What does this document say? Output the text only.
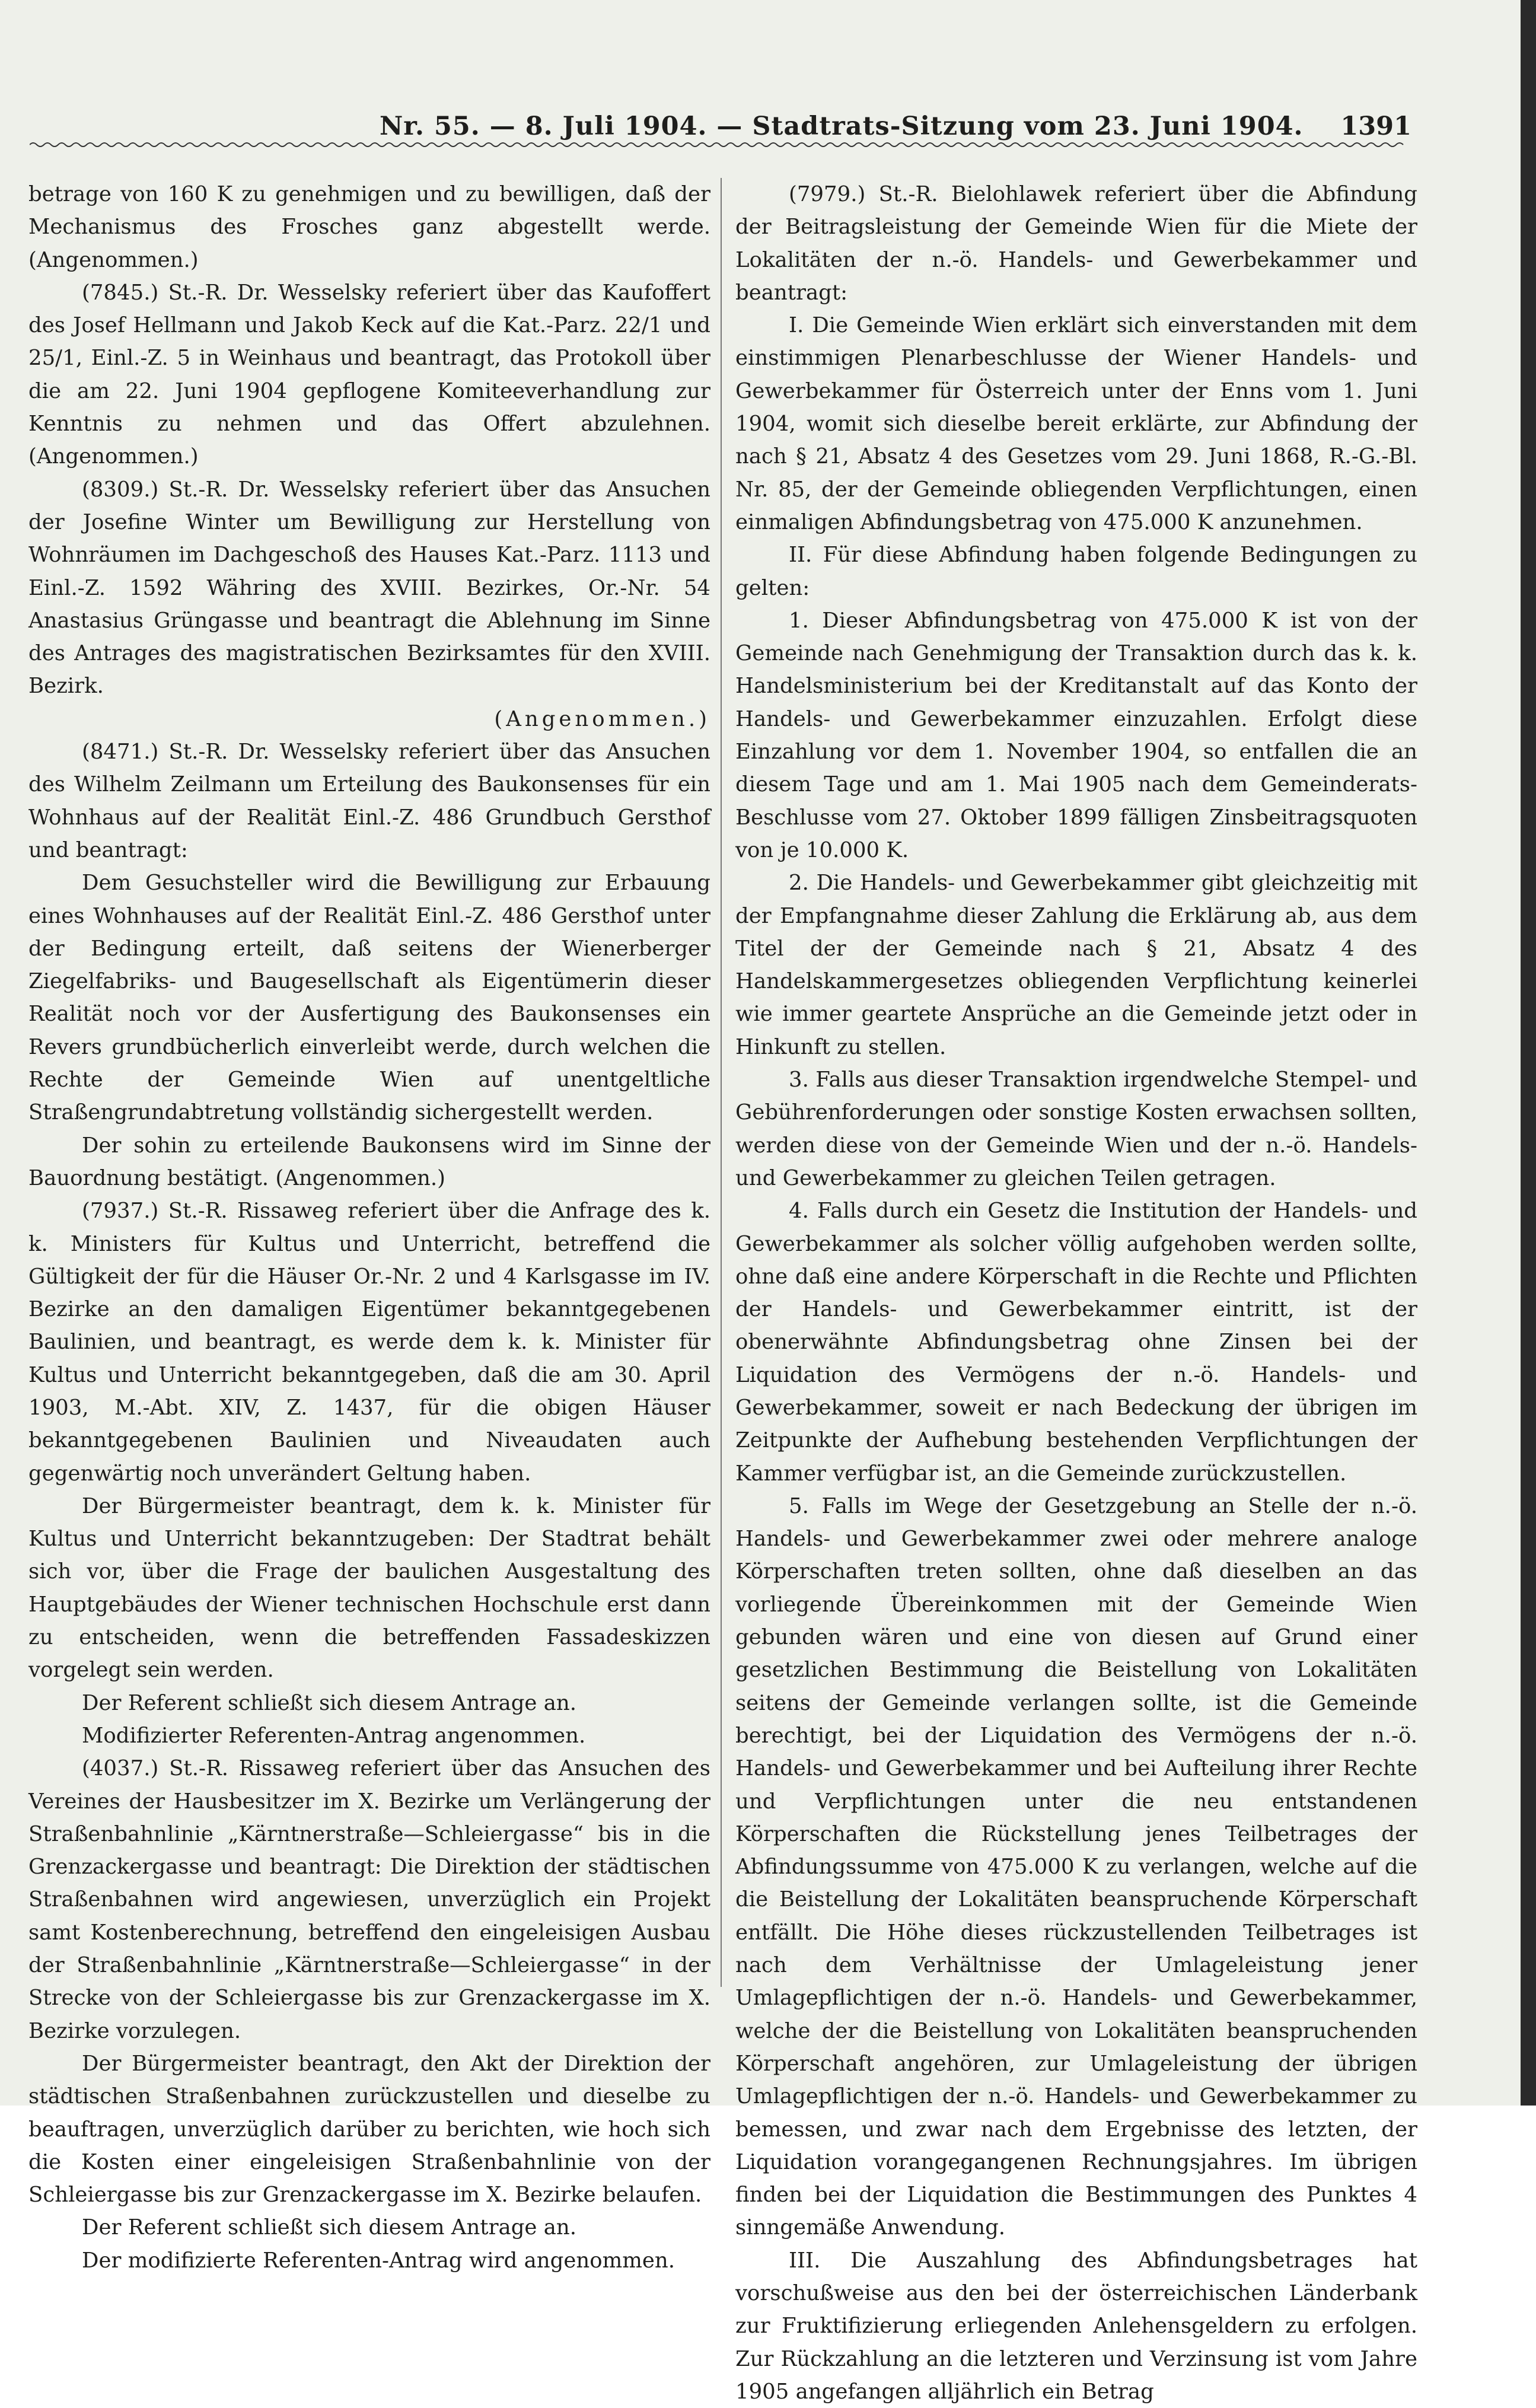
Nr. 55. — 8. Juli 1904. — Stadtrats-Sitzung vom 23. Juni 1904. 1391

betrage von 160 K zu genehmigen und zu bewilligen, daß der Mechanismus des Frosches ganz abgestellt werde. (Angenommen.)

(7845.) St.-R. Dr. Wesselsky referiert über das Kaufoffert des Josef Hellmann und Jakob Keck auf die Kat.-Parz. 22/1 und 25/1, Einl.-Z. 5 in Weinhaus und beantragt, das Protokoll über die am 22. Juni 1904 gepflogene Komiteeverhandlung zur Kenntnis zu nehmen und das Offert abzulehnen. (Angenommen.)

(8309.) St.-R. Dr. Wesselsky referiert über das Ansuchen der Josefine Winter um Bewilligung zur Herstellung von Wohnräumen im Dachgeschoß des Hauses Kat.-Parz. 1113 und Einl.-Z. 1592 Währing des XVIII. Bezirkes, Or.-Nr. 54 Anastasius Grüngasse und beantragt die Ablehnung im Sinne des Antrages des magistratischen Bezirksamtes für den XVIII. Bezirk.

(Angenommen.)

(8471.) St.-R. Dr. Wesselsky referiert über das Ansuchen des Wilhelm Zeilmann um Erteilung des Baukonsenses für ein Wohnhaus auf der Realität Einl.-Z. 486 Grundbuch Gersthof und beantragt:

Dem Gesuchsteller wird die Bewilligung zur Erbauung eines Wohnhauses auf der Realität Einl.-Z. 486 Gersthof unter der Bedingung erteilt, daß seitens der Wienerberger Ziegelfabriks- und Baugesellschaft als Eigentümerin dieser Realität noch vor der Ausfertigung des Baukonsenses ein Revers grundbücherlich einverleibt werde, durch welchen die Rechte der Gemeinde Wien auf unentgeltliche Straßengrundabtretung vollständig sichergestellt werden.

Der sohin zu erteilende Baukonsens wird im Sinne der Bauordnung bestätigt. (Angenommen.)

(7937.) St.-R. Rissaweg referiert über die Anfrage des k. k. Ministers für Kultus und Unterricht, betreffend die Gültigkeit der für die Häuser Or.-Nr. 2 und 4 Karlsgasse im IV. Bezirke an den damaligen Eigentümer bekanntgegebenen Baulinien, und beantragt, es werde dem k. k. Minister für Kultus und Unterricht bekanntgegeben, daß die am 30. April 1903, M.-Abt. XIV, Z. 1437, für die obigen Häuser bekanntgegebenen Baulinien und Niveaudaten auch gegenwärtig noch unverändert Geltung haben.

Der Bürgermeister beantragt, dem k. k. Minister für Kultus und Unterricht bekanntzugeben: Der Stadtrat behält sich vor, über die Frage der baulichen Ausgestaltung des Hauptgebäudes der Wiener technischen Hochschule erst dann zu entscheiden, wenn die betreffenden Fassadeskizzen vorgelegt sein werden.

Der Referent schließt sich diesem Antrage an.

Modifizierter Referenten-Antrag angenommen.

(4037.) St.-R. Rissaweg referiert über das Ansuchen des Vereines der Hausbesitzer im X. Bezirke um Verlängerung der Straßenbahnlinie „Kärntnerstraße—Schleiergasse“ bis in die Grenzackergasse und beantragt: Die Direktion der städtischen Straßenbahnen wird angewiesen, unverzüglich ein Projekt samt Kostenberechnung, betreffend den eingeleisigen Ausbau der Straßenbahnlinie „Kärntnerstraße—Schleiergasse“ in der Strecke von der Schleiergasse bis zur Grenzackergasse im X. Bezirke vorzulegen.

Der Bürgermeister beantragt, den Akt der Direktion der städtischen Straßenbahnen zurückzustellen und dieselbe zu beauftragen, unverzüglich darüber zu berichten, wie hoch sich die Kosten einer eingeleisigen Straßenbahnlinie von der Schleiergasse bis zur Grenzackergasse im X. Bezirke belaufen.

Der Referent schließt sich diesem Antrage an.

Der modifizierte Referenten-Antrag wird angenommen.

(7979.) St.-R. Bielohlawek referiert über die Abfindung der Beitragsleistung der Gemeinde Wien für die Miete der Lokalitäten der n.-ö. Handels- und Gewerbekammer und beantragt:

I. Die Gemeinde Wien erklärt sich einverstanden mit dem einstimmigen Plenarbeschlusse der Wiener Handels- und Gewerbekammer für Österreich unter der Enns vom 1. Juni 1904, womit sich dieselbe bereit erklärte, zur Abfindung der nach § 21, Absatz 4 des Gesetzes vom 29. Juni 1868, R.-G.-Bl. Nr. 85, der der Gemeinde obliegenden Verpflichtungen, einen einmaligen Abfindungsbetrag von 475.000 K anzunehmen.

II. Für diese Abfindung haben folgende Bedingungen zu gelten:

1. Dieser Abfindungsbetrag von 475.000 K ist von der Gemeinde nach Genehmigung der Transaktion durch das k. k. Handelsministerium bei der Kreditanstalt auf das Konto der Handels- und Gewerbekammer einzuzahlen. Erfolgt diese Einzahlung vor dem 1. November 1904, so entfallen die an diesem Tage und am 1. Mai 1905 nach dem Gemeinderats-Beschlusse vom 27. Oktober 1899 fälligen Zinsbeitragsquoten von je 10.000 K.

2. Die Handels- und Gewerbekammer gibt gleichzeitig mit der Empfangnahme dieser Zahlung die Erklärung ab, aus dem Titel der der Gemeinde nach § 21, Absatz 4 des Handelskammergesetzes obliegenden Verpflichtung keinerlei wie immer geartete Ansprüche an die Gemeinde jetzt oder in Hinkunft zu stellen.

3. Falls aus dieser Transaktion irgendwelche Stempel- und Gebührenforderungen oder sonstige Kosten erwachsen sollten, werden diese von der Gemeinde Wien und der n.-ö. Handels- und Gewerbekammer zu gleichen Teilen getragen.

4. Falls durch ein Gesetz die Institution der Handels- und Gewerbekammer als solcher völlig aufgehoben werden sollte, ohne daß eine andere Körperschaft in die Rechte und Pflichten der Handels- und Gewerbekammer eintritt, ist der obenerwähnte Abfindungsbetrag ohne Zinsen bei der Liquidation des Vermögens der n.-ö. Handels- und Gewerbekammer, soweit er nach Bedeckung der übrigen im Zeitpunkte der Aufhebung bestehenden Verpflichtungen der Kammer verfügbar ist, an die Gemeinde zurückzustellen.

5. Falls im Wege der Gesetzgebung an Stelle der n.-ö. Handels- und Gewerbekammer zwei oder mehrere analoge Körperschaften treten sollten, ohne daß dieselben an das vorliegende Übereinkommen mit der Gemeinde Wien gebunden wären und eine von diesen auf Grund einer gesetzlichen Bestimmung die Beistellung von Lokalitäten seitens der Gemeinde verlangen sollte, ist die Gemeinde berechtigt, bei der Liquidation des Vermögens der n.-ö. Handels- und Gewerbekammer und bei Aufteilung ihrer Rechte und Verpflichtungen unter die neu entstandenen Körperschaften die Rückstellung jenes Teilbetrages der Abfindungssumme von 475.000 K zu verlangen, welche auf die die Beistellung der Lokalitäten beanspruchende Körperschaft entfällt. Die Höhe dieses rückzustellenden Teilbetrages ist nach dem Verhältnisse der Umlageleistung jener Umlagepflichtigen der n.-ö. Handels- und Gewerbekammer, welche der die Beistellung von Lokalitäten beanspruchenden Körperschaft angehören, zur Umlageleistung der übrigen Umlagepflichtigen der n.-ö. Handels- und Gewerbekammer zu bemessen, und zwar nach dem Ergebnisse des letzten, der Liquidation vorangegangenen Rechnungsjahres. Im übrigen finden bei der Liquidation die Bestimmungen des Punktes 4 sinngemäße Anwendung.

III. Die Auszahlung des Abfindungsbetrages hat vorschußweise aus den bei der österreichischen Länderbank zur Fruktifizierung erliegenden Anlehensgeldern zu erfolgen. Zur Rückzahlung an die letzteren und Verzinsung ist vom Jahre 1905 angefangen alljährlich ein Betrag
